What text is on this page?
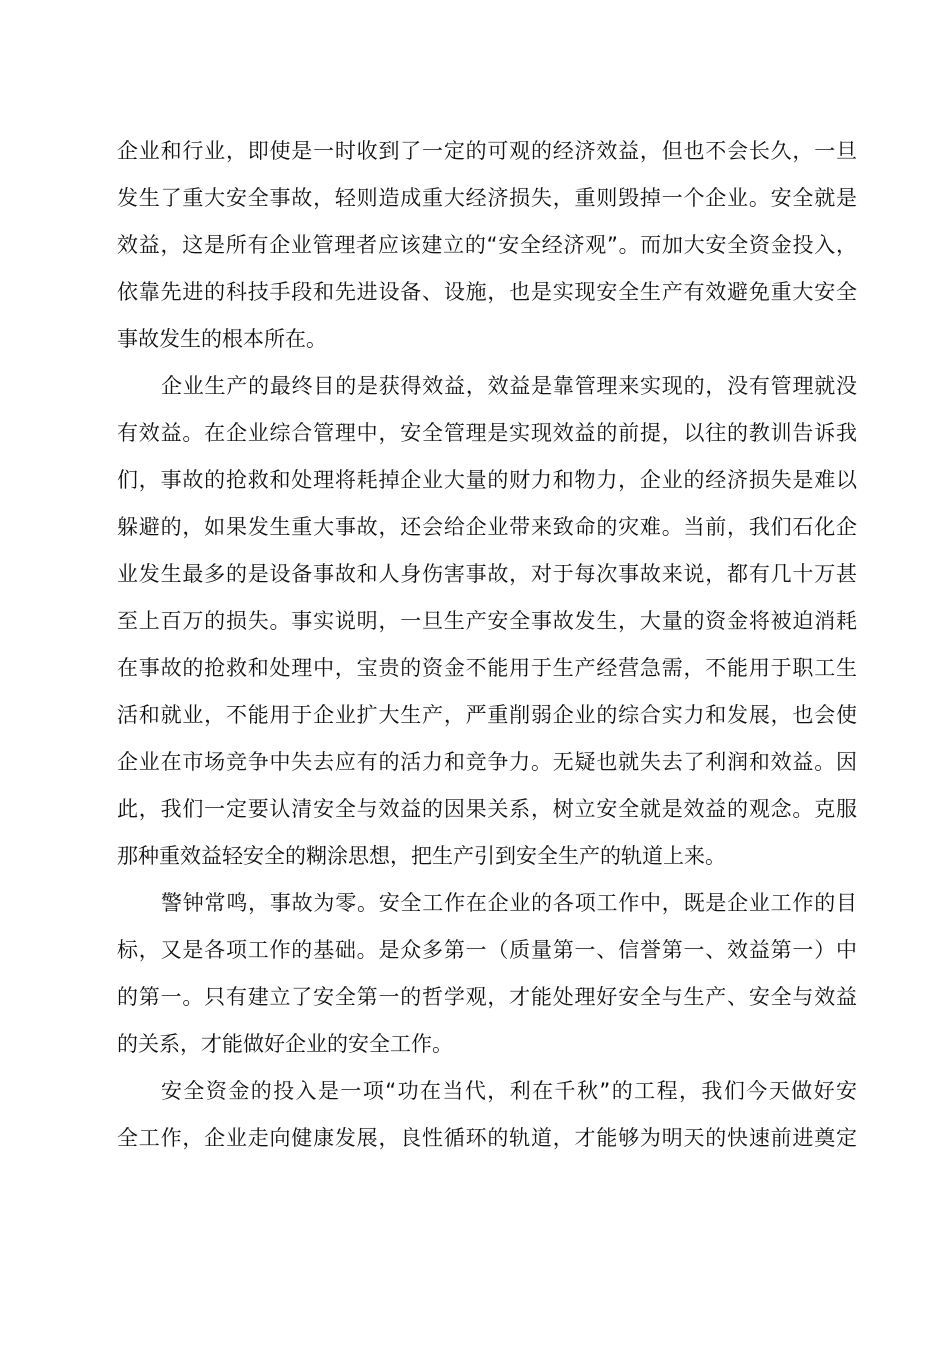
企业和行业，即使是一时收到了一定的可观的经济效益，但也不会长久，一旦
发生了重大安全事故，轻则造成重大经济损失，重则毁掉一个企业。安全就是
效益，这是所有企业管理者应该建立的“安全经济观”。而加大安全资金投入，
依靠先进的科技手段和先进设备、设施，也是实现安全生产有效避免重大安全
事故发生的根本所在。
企业生产的最终目的是获得效益，效益是靠管理来实现的，没有管理就没
有效益。在企业综合管理中，安全管理是实现效益的前提，以往的教训告诉我
们，事故的抢救和处理将耗掉企业大量的财力和物力，企业的经济损失是难以
躲避的，如果发生重大事故，还会给企业带来致命的灾难。当前，我们石化企
业发生最多的是设备事故和人身伤害事故，对于每次事故来说，都有几十万甚
至上百万的损失。事实说明，一旦生产安全事故发生，大量的资金将被迫消耗
在事故的抢救和处理中，宝贵的资金不能用于生产经营急需，不能用于职工生
活和就业，不能用于企业扩大生产，严重削弱企业的综合实力和发展，也会使
企业在市场竞争中失去应有的活力和竞争力。无疑也就失去了利润和效益。因
此，我们一定要认清安全与效益的因果关系，树立安全就是效益的观念。克服
那种重效益轻安全的糊涂思想，把生产引到安全生产的轨道上来。
警钟常鸣，事故为零。安全工作在企业的各项工作中，既是企业工作的目
标，又是各项工作的基础。是众多第一（质量第一、信誉第一、效益第一）中
的第一。只有建立了安全第一的哲学观，才能处理好安全与生产、安全与效益
的关系，才能做好企业的安全工作。
安全资金的投入是一项“功在当代，利在千秋”的工程，我们今天做好安
全工作，企业走向健康发展，良性循环的轨道，才能够为明天的快速前进奠定
